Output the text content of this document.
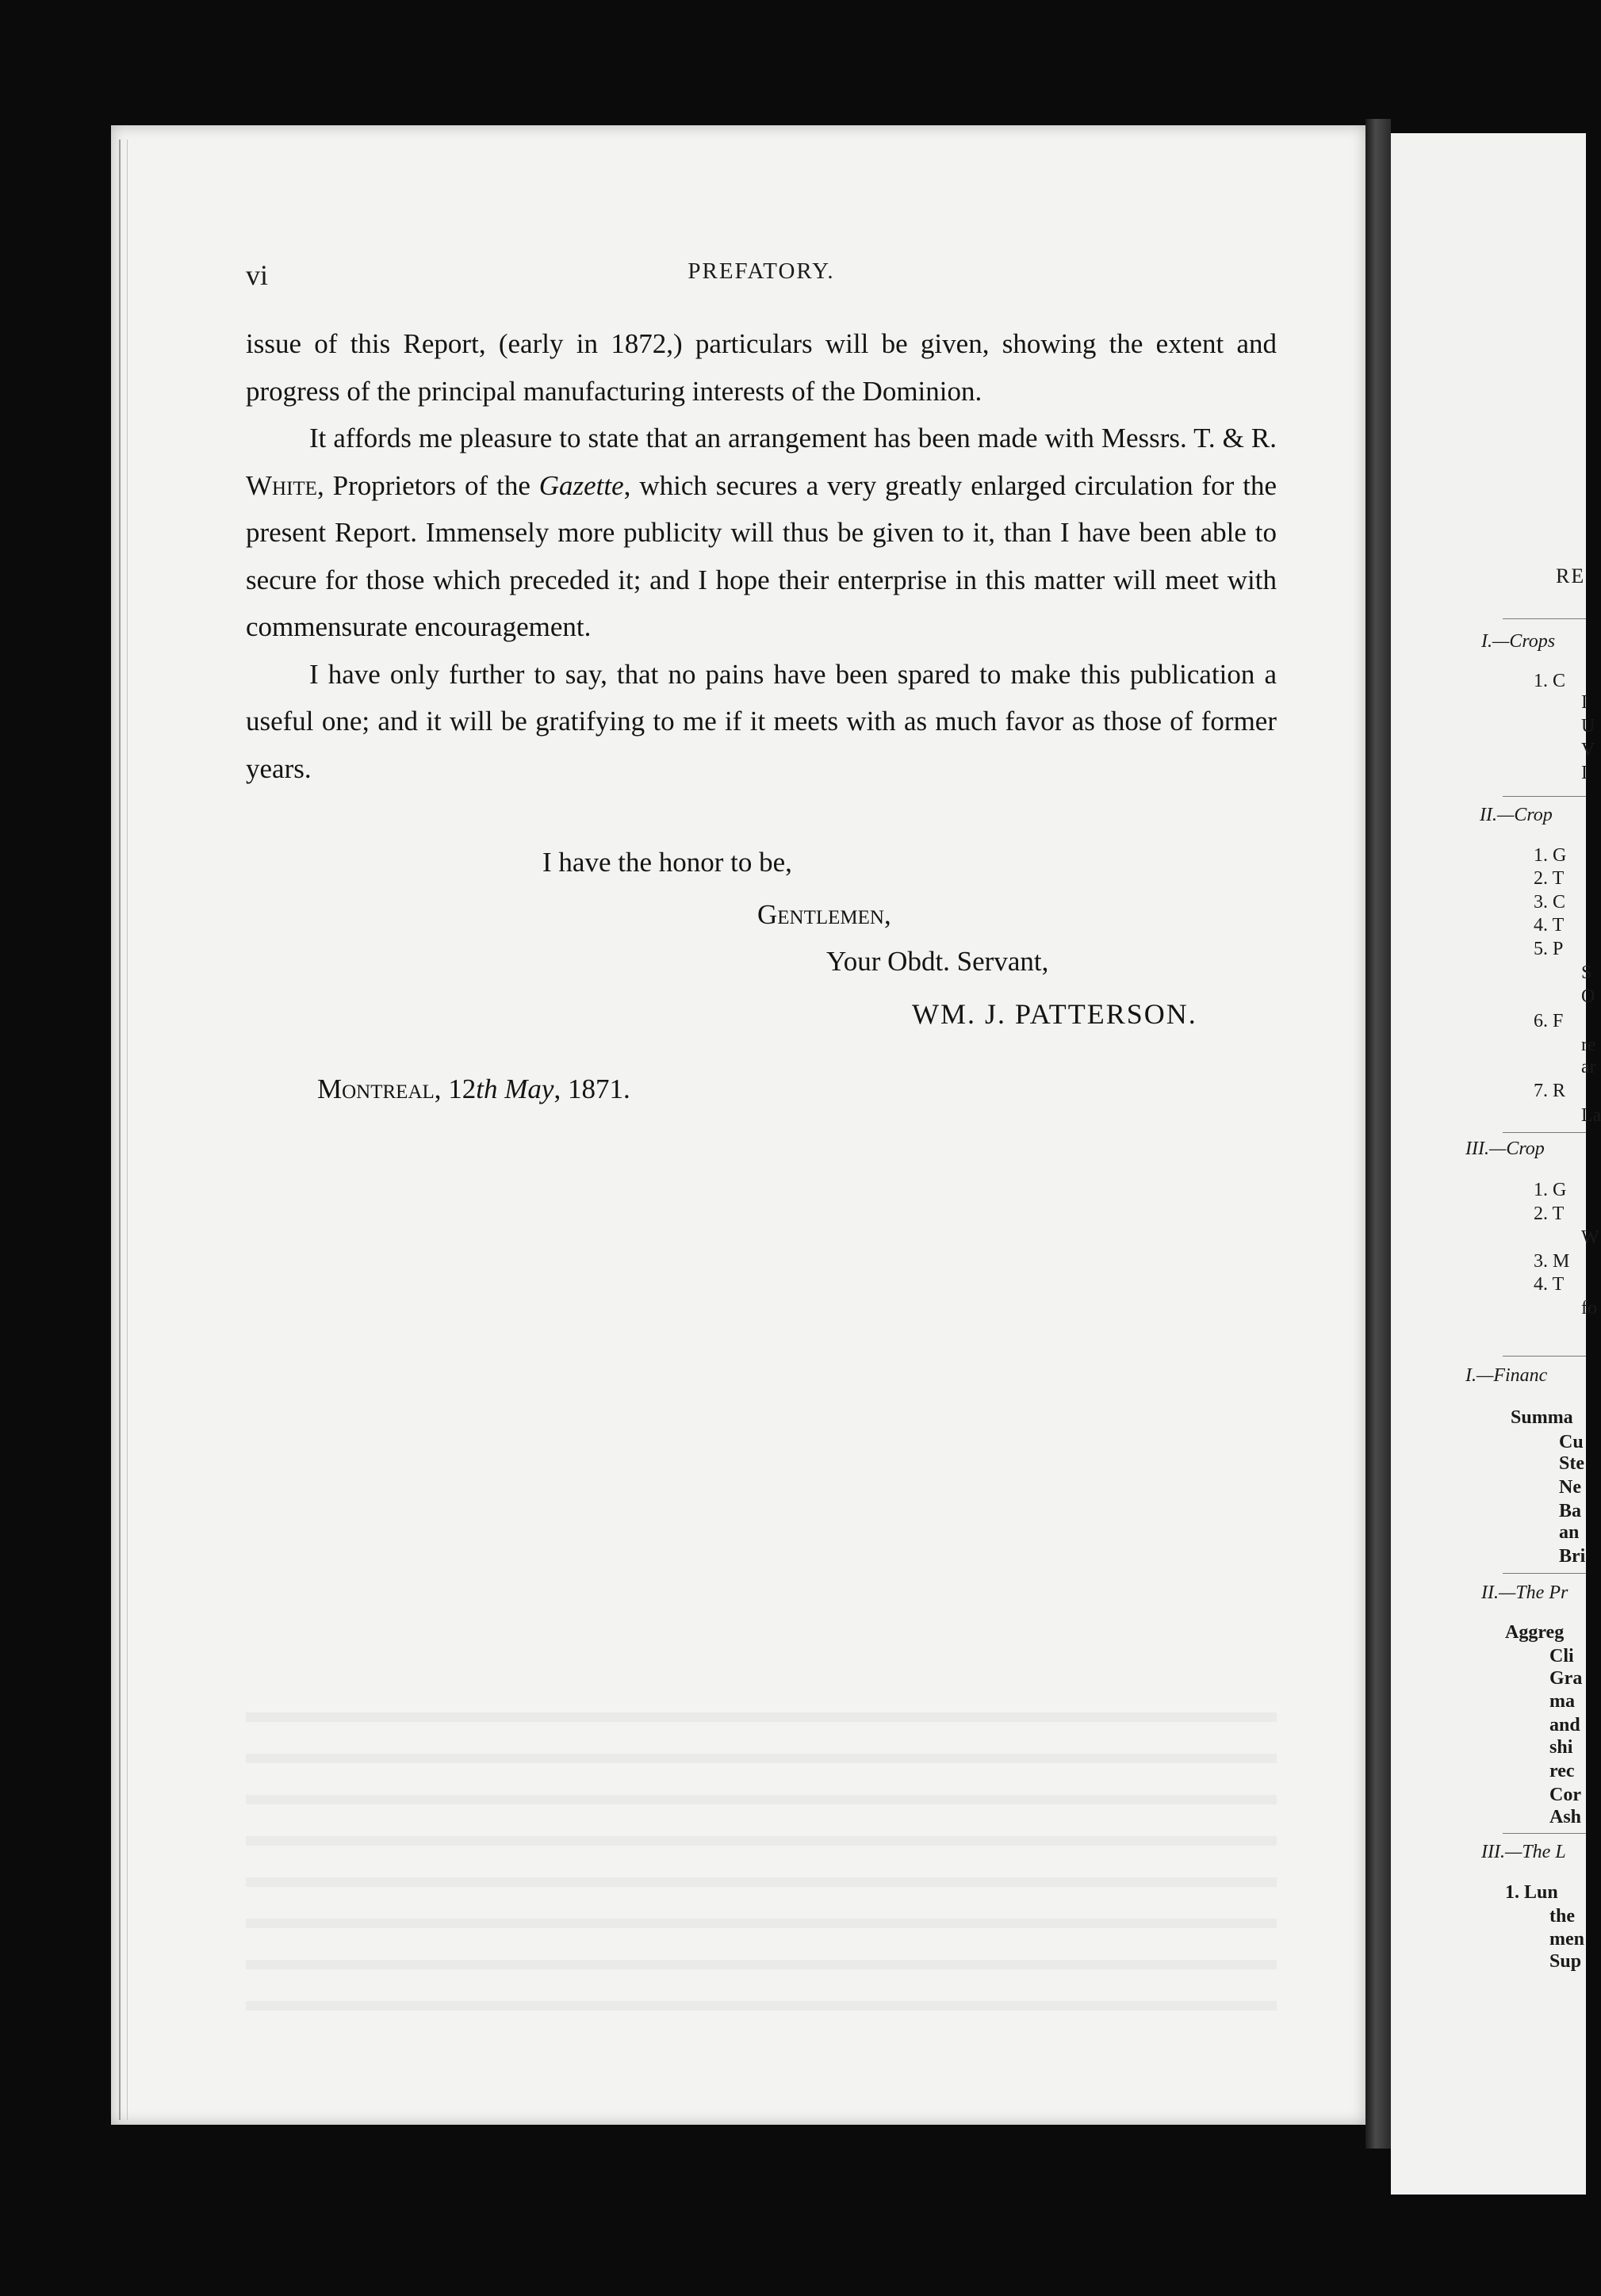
vi	PREFATORY.

issue of this Report, (early in 1872,) particulars will be given, showing the extent and progress of the principal manufacturing interests of the Dominion.

It affords me pleasure to state that an arrangement has been made with Messrs. T. & R. White, Proprietors of the Gazette, which secures a very greatly enlarged circulation for the present Report. Immensely more publicity will thus be given to it, than I have been able to secure for those which preceded it; and I hope their enterprise in this matter will meet with commensurate encouragement.

I have only further to say, that no pains have been spared to make this publication a useful one; and it will be gratifying to me if it meets with as much favor as those of former years.

I have the honor to be,
Gentlemen,
Your Obdt. Servant,
WM. J. PATTERSON.
Montreal, 12th May, 1871.
RE
I.—Crops
1. C
I
U
V
I
II.—Crop
1. G
2. T
3. C
4. T
5. P
S
O
6. F
re
ar
7. R
La
III.—Crop
1. G
2. T
W
3. M
4. T
fo
I.—Financ
Summa
Cu
Ste
Ne
Ba
an
Bri
II.—The Pr
Aggreg
Cli
Gra
ma
and
shi
rec
Cor
Ash
III.—The L
1. Lun
the
men
Sup
